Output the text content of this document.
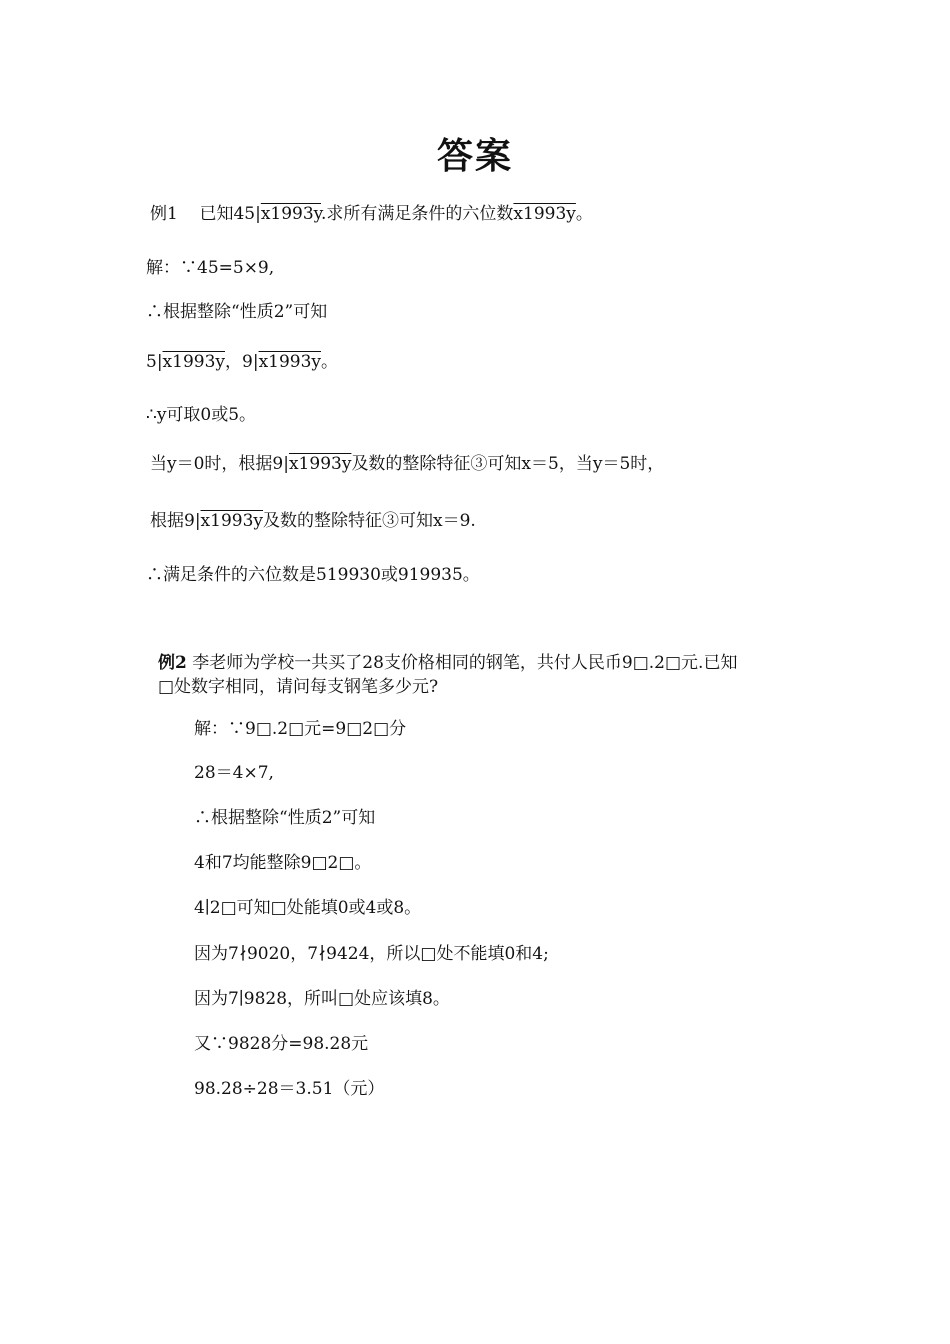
答案
例1 已知45|x1993y.求所有满足条件的六位数x1993y。
解：∵45=5×9,
∴根据整除“性质2”可知
5|x1993y，9|x1993y。
∴y可取0或5。
当y＝0时，根据9|x1993y及数的整除特征③可知x＝5，当y＝5时，
根据9|x1993y及数的整除特征③可知x＝9.
∴满足条件的六位数是519930或919935。
例2 李老师为学校一共买了28支价格相同的钢笔，共付人民币9□.2□元.已知
□处数字相同，请问每支钢笔多少元?
解：∵9□.2□元=9□2□分
28＝4×7,
∴根据整除“性质2”可知
4和7均能整除9□2□。
4∣2□可知□处能填0或4或8。
因为7∤9020，7∤9424，所以□处不能填0和4;
因为7∣9828，所叫□处应该填8。
又∵9828分=98.28元
98.28÷28＝3.51（元）
